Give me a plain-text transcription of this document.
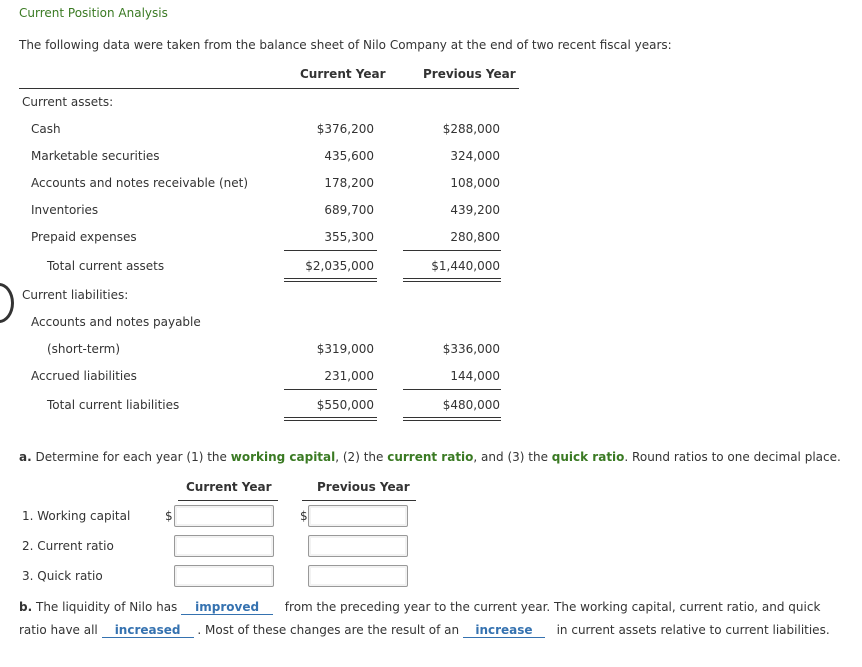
Current Position Analysis
The following data were taken from the balance sheet of Nilo Company at the end of two recent fiscal years:
Current Year	Previous Year
Current assets:
Cash	$376,200	$288,000
Marketable securities	435,600	324,000
Accounts and notes receivable (net)	178,200	108,000
Inventories	689,700	439,200
Prepaid expenses	355,300	280,800
Total current assets	$2,035,000	$1,440,000
Current liabilities:
Accounts and notes payable
(short-term)	$319,000	$336,000
Accrued liabilities	231,000	144,000
Total current liabilities	$550,000	$480,000
a. Determine for each year (1) the working capital, (2) the current ratio, and (3) the quick ratio. Round ratios to one decimal place.
Current Year	Previous Year
1. Working capital	$	$
2. Current ratio
3. Quick ratio
b. The liquidity of Nilo has improved from the preceding year to the current year. The working capital, current ratio, and quick
ratio have all increased . Most of these changes are the result of an increase in current assets relative to current liabilities.
